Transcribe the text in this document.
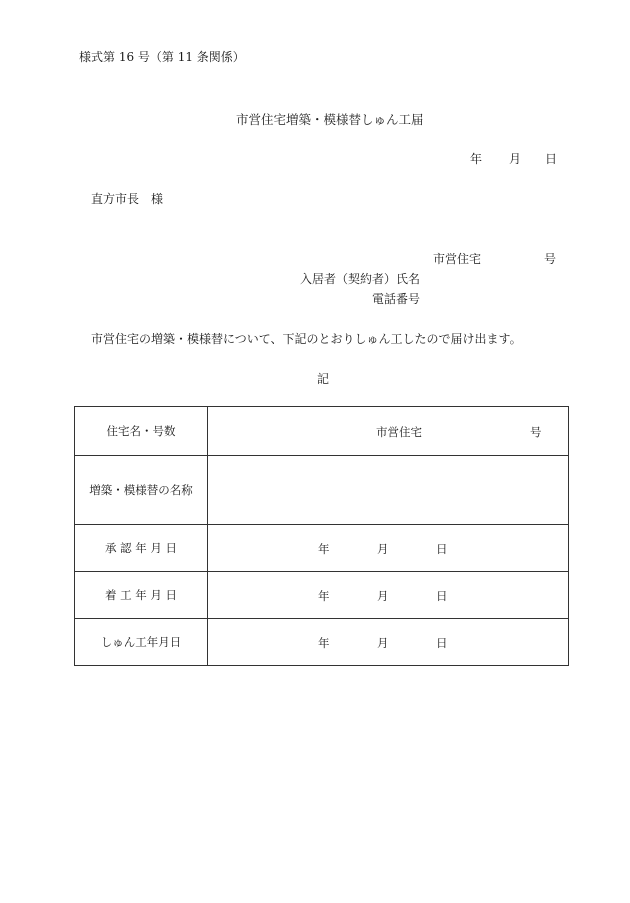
様式第 16 号（第 11 条関係）
市営住宅増築・模様替しゅん工届
年 月 日
直方市長　様
市営住宅	号
入居者（契約者）氏名
電話番号
市営住宅の増築・模様替について、下記のとおりしゅん工したので届け出ます。
記
住宅名・号数	市営住宅 号

増築・模様替の名称	
承 認 年 月 日	年 月 日

着 工 年 月 日	年 月 日

しゅん工年月日	年 月 日
